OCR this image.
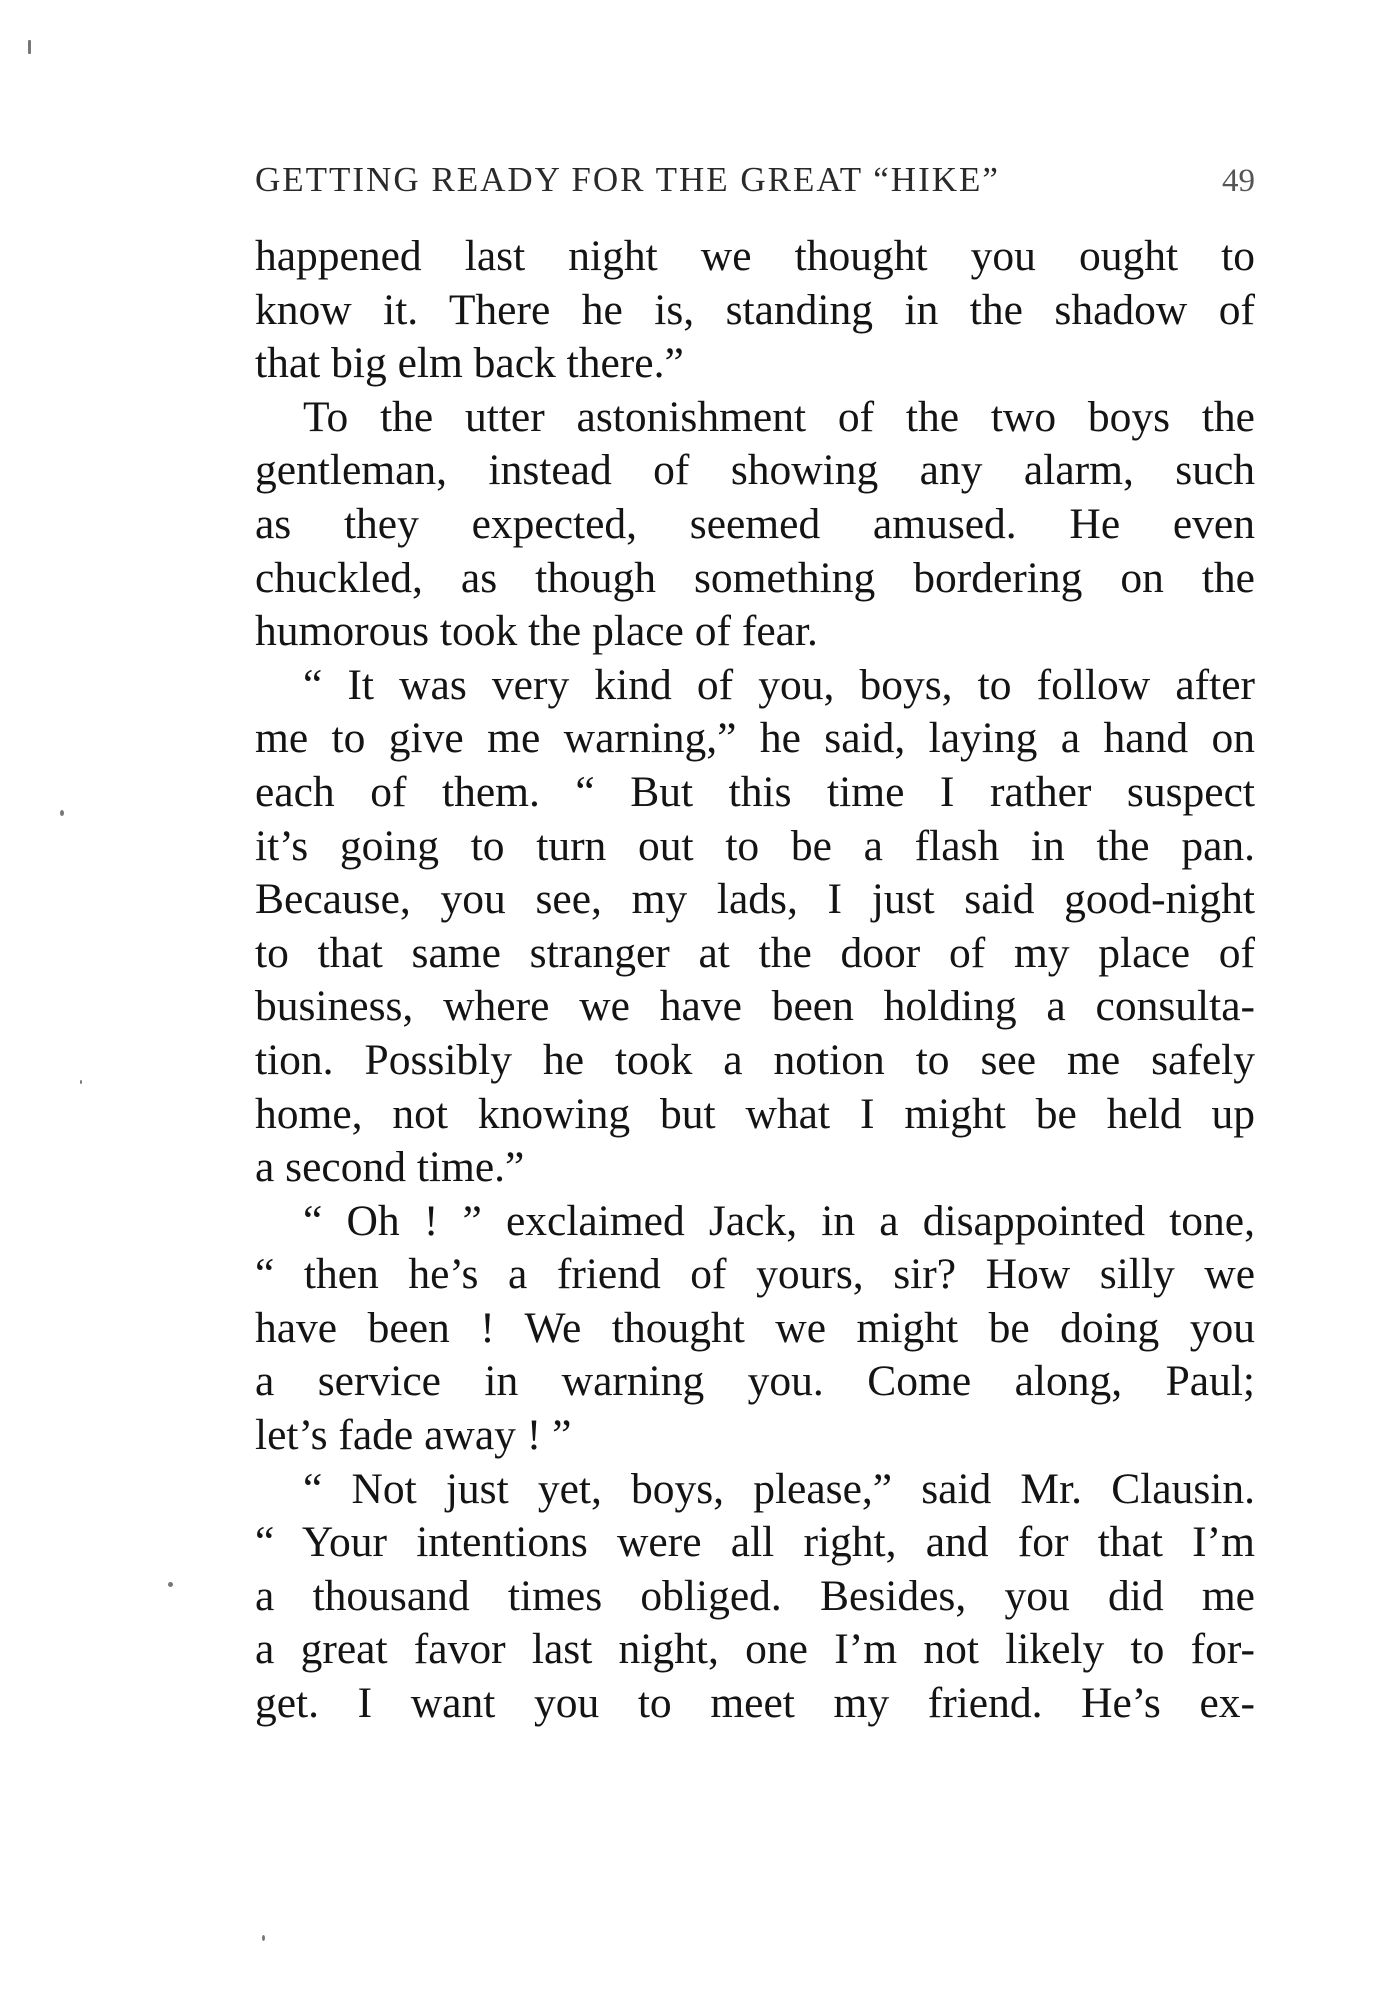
GETTING READY FOR THE GREAT “HIKE”	49
happened last night we thought you ought to
know it. There he is, standing in the shadow of
that big elm back there.”
To the utter astonishment of the two boys the
gentleman, instead of showing any alarm, such
as they expected, seemed amused. He even
chuckled, as though something bordering on the
humorous took the place of fear.
“ It was very kind of you, boys, to follow after
me to give me warning,” he said, laying a hand on
each of them. “ But this time I rather suspect
it’s going to turn out to be a flash in the pan.
Because, you see, my lads, I just said good-night
to that same stranger at the door of my place of
business, where we have been holding a consulta-
tion. Possibly he took a notion to see me safely
home, not knowing but what I might be held up
a second time.”
“ Oh ! ” exclaimed Jack, in a disappointed tone,
“ then he’s a friend of yours, sir? How silly we
have been ! We thought we might be doing you
a service in warning you. Come along, Paul;
let’s fade away ! ”
“ Not just yet, boys, please,” said Mr. Clausin.
“ Your intentions were all right, and for that I’m
a thousand times obliged. Besides, you did me
a great favor last night, one I’m not likely to for-
get. I want you to meet my friend. He’s ex-
